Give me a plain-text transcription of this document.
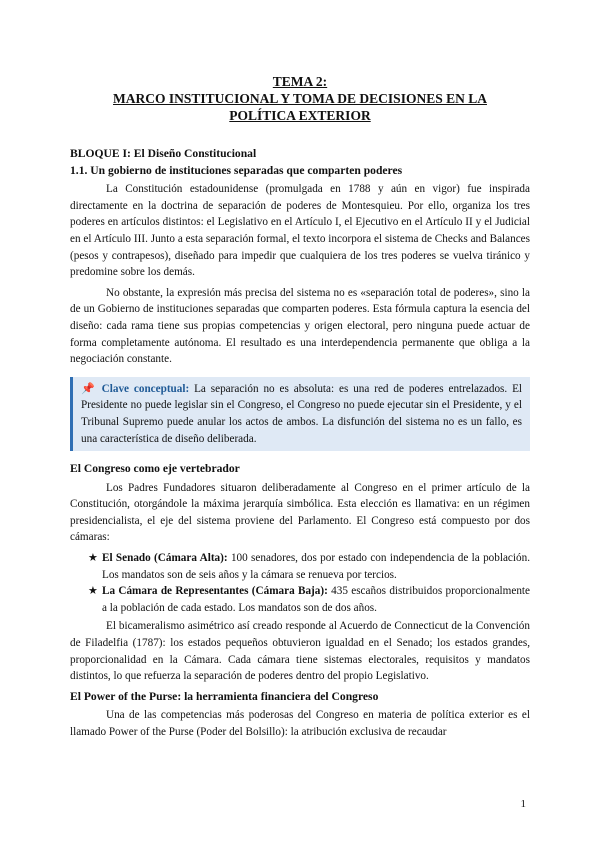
TEMA 2:
MARCO INSTITUCIONAL Y TOMA DE DECISIONES EN LA
POLÍTICA EXTERIOR
BLOQUE I: El Diseño Constitucional
1.1. Un gobierno de instituciones separadas que comparten poderes

La Constitución estadounidense (promulgada en 1788 y aún en vigor) fue inspirada directamente en la doctrina de separación de poderes de Montesquieu. Por ello, organiza los tres poderes en artículos distintos: el Legislativo en el Artículo I, el Ejecutivo en el Artículo II y el Judicial en el Artículo III. Junto a esta separación formal, el texto incorpora el sistema de Checks and Balances (pesos y contrapesos), diseñado para impedir que cualquiera de los tres poderes se vuelva tiránico y predomine sobre los demás.

No obstante, la expresión más precisa del sistema no es «separación total de poderes», sino la de un Gobierno de instituciones separadas que comparten poderes. Esta fórmula captura la esencia del diseño: cada rama tiene sus propias competencias y origen electoral, pero ninguna puede actuar de forma completamente autónoma. El resultado es una interdependencia permanente que obliga a la negociación constante.

📌 Clave conceptual: La separación no es absoluta: es una red de poderes entrelazados. El Presidente no puede legislar sin el Congreso, el Congreso no puede ejecutar sin el Presidente, y el Tribunal Supremo puede anular los actos de ambos. La disfunción del sistema no es un fallo, es una característica de diseño deliberada.
El Congreso como eje vertebrador

Los Padres Fundadores situaron deliberadamente al Congreso en el primer artículo de la Constitución, otorgándole la máxima jerarquía simbólica. Esta elección es llamativa: en un régimen presidencialista, el eje del sistema proviene del Parlamento. El Congreso está compuesto por dos cámaras:

★ El Senado (Cámara Alta): 100 senadores, dos por estado con independencia de la población. Los mandatos son de seis años y la cámara se renueva por tercios.
★ La Cámara de Representantes (Cámara Baja): 435 escaños distribuidos proporcionalmente a la población de cada estado. Los mandatos son de dos años.

El bicameralismo asimétrico así creado responde al Acuerdo de Connecticut de la Convención de Filadelfia (1787): los estados pequeños obtuvieron igualdad en el Senado; los estados grandes, proporcionalidad en la Cámara. Cada cámara tiene sistemas electorales, requisitos y mandatos distintos, lo que refuerza la separación de poderes dentro del propio Legislativo.

El Power of the Purse: la herramienta financiera del Congreso

Una de las competencias más poderosas del Congreso en materia de política exterior es el llamado Power of the Purse (Poder del Bolsillo): la atribución exclusiva de recaudar

1
